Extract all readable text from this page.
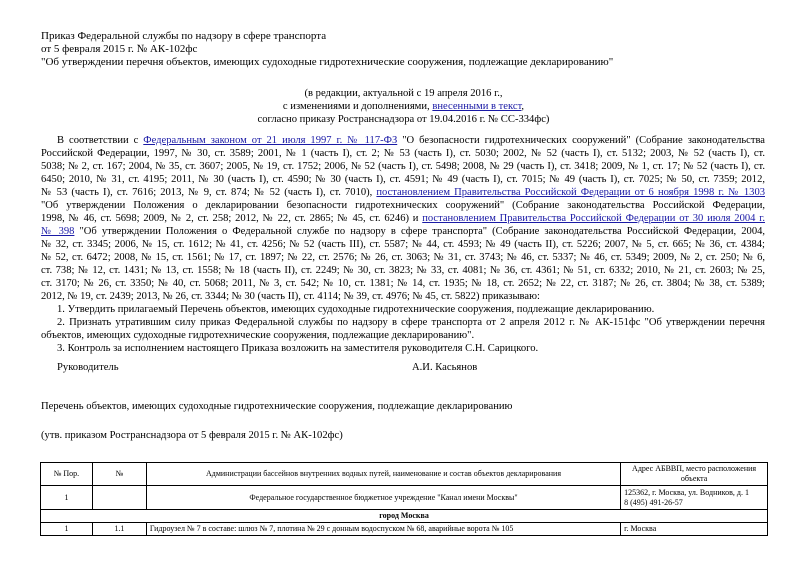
Приказ Федеральной службы по надзору в сфере транспорта
от 5 февраля 2015 г. № АК-102фс
"Об утверждении перечня объектов, имеющих судоходные гидротехнические сооружения, подлежащие декларированию"
(в редакции, актуальной с 19 апреля 2016 г.,
с изменениями и дополнениями, внесенными в текст,
согласно приказу Ространснадзора от 19.04.2016 г. № СС-334фс)
В соответствии с Федеральным законом от 21 июля 1997 г. № 117-ФЗ "О безопасности гидротехнических сооружений" (Собрание законодательства
Российской Федерации, 1997, № 30, ст. 3589; 2001, № 1 (часть I), ст. 2; № 53 (часть I), ст. 5030; 2002, № 52 (часть I), ст. 5132; 2003, № 52 (часть I), ст.
5038; № 2, ст. 167; 2004, № 35, ст. 3607; 2005, № 19, ст. 1752; 2006, № 52 (часть I), ст. 5498; 2008, № 29 (часть I), ст. 3418; 2009, № 1, ст. 17; № 52 (часть I), ст.
6450; 2010, № 31, ст. 4195; 2011, № 30 (часть I), ст. 4590; № 30 (часть I), ст. 4591; № 49 (часть I), ст. 7015; № 49 (часть I), ст. 7025; № 50, ст. 7359; 2012,
№ 53 (часть I), ст. 7616; 2013, № 9, ст. 874; № 52 (часть I), ст. 7010), постановлением Правительства Российской Федерации от 6 ноября 1998 г. № 1303
"Об утверждении Положения о декларировании безопасности гидротехнических сооружений" (Собрание законодательства Российской Федерации,
1998, № 46, ст. 5698; 2009, № 2, ст. 258; 2012, № 22, ст. 2865; № 45, ст. 6246) и постановлением Правительства Российской Федерации от 30 июля 2004 г.
№ 398 "Об утверждении Положения о Федеральной службе по надзору в сфере транспорта" (Собрание законодательства Российской Федерации, 2004,
№ 32, ст. 3345; 2006, № 15, ст. 1612; № 41, ст. 4256; № 52 (часть III), ст. 5587; № 44, ст. 4593; № 49 (часть II), ст. 5226; 2007, № 5, ст. 665; № 36, ст. 4384;
№ 52, ст. 6472; 2008, № 15, ст. 1561; № 17, ст. 1897; № 22, ст. 2576; № 26, ст. 3063; № 31, ст. 3743; № 46, ст. 5337; № 46, ст. 5349; 2009, № 2, ст. 250; № 6,
ст. 738; № 12, ст. 1431; № 13, ст. 1558; № 18 (часть II), ст. 2249; № 30, ст. 3823; № 33, ст. 4081; № 36, ст. 4361; № 51, ст. 6332; 2010, № 21, ст. 2603; № 25,
ст. 3170; № 26, ст. 3350; № 40, ст. 5068; 2011, № 3, ст. 542; № 10, ст. 1381; № 14, ст. 1935; № 18, ст. 2652; № 22, ст. 3187; № 26, ст. 3804; № 38, ст. 5389;
2012, № 19, ст. 2439; 2013, № 26, ст. 3344; № 30 (часть II), ст. 4114; № 39, ст. 4976; № 45, ст. 5822) приказываю:
1. Утвердить прилагаемый Перечень объектов, имеющих судоходные гидротехнические сооружения, подлежащие декларированию.
2. Признать утратившим силу приказ Федеральной службы по надзору в сфере транспорта от 2 апреля 2012 г. № АК-151фс "Об утверждении перечня
объектов, имеющих судоходные гидротехнические сооружения, подлежащие декларированию".
3. Контроль за исполнением настоящего Приказа возложить на заместителя руководителя С.Н. Сарицкого.
Руководитель	А.И. Касьянов
Перечень объектов, имеющих судоходные гидротехнические сооружения, подлежащие декларированию
(утв. приказом Ространснадзора от 5 февраля 2015 г. № АК-102фс)
№ Пор.	№	Администрации бассейнов внутренних водных путей, наименование и состав объектов декларирования	Адрес АБВВП, место расположения объекта
1		Федеральное государственное бюджетное учреждение "Канал имени Москвы"	125362, г. Москва, ул. Водников, д. 1
8 (495) 491-26-57

город Москва			
1	1.1	Гидроузел № 7 в составе: шлюз № 7, плотина № 29 с донным водоспуском № 68, аварийные ворота № 105	г. Москва
